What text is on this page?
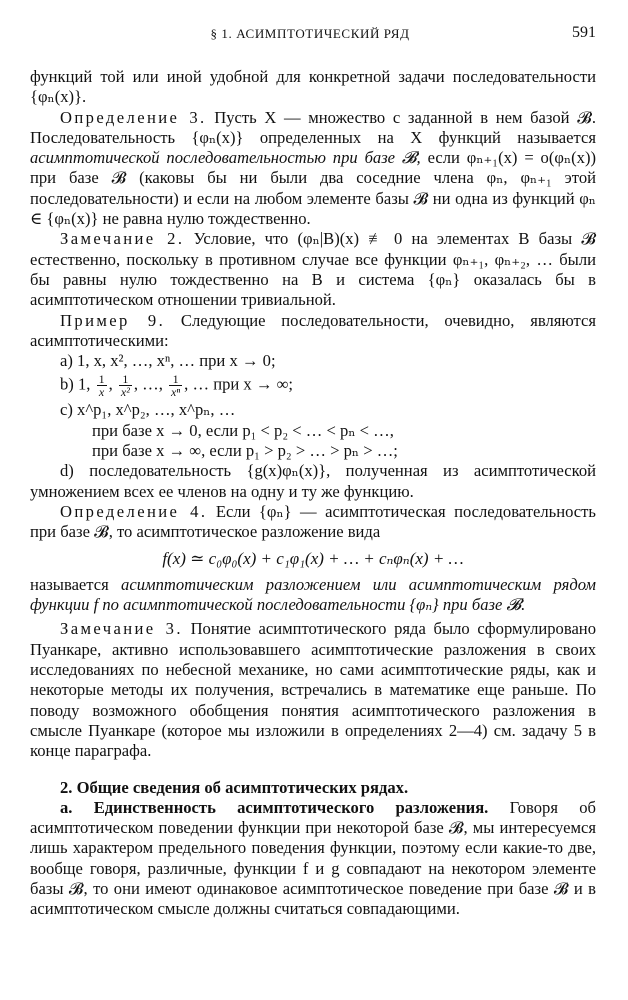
§ 1. АСИМПТОТИЧЕСКИЙ РЯД	591

функций той или иной удобной для конкретной задачи последовательности {φₙ(x)}.

Определение 3. Пусть X — множество с заданной в нем базой 𝓑. Последовательность {φₙ(x)} определенных на X функций называется асимптотической последовательностью при базе 𝓑, если φₙ₊₁(x) = o(φₙ(x)) при базе 𝓑 (каковы бы ни были два соседние члена φₙ, φₙ₊₁ этой последовательности) и если на любом элементе базы 𝓑 ни одна из функций φₙ ∈ {φₙ(x)} не равна нулю тождественно.

Замечание 2. Условие, что (φₙ|B)(x) ≢ 0 на элементах B базы 𝓑 естественно, поскольку в противном случае все функции φₙ₊₁, φₙ₊₂, … были бы равны нулю тождественно на B и система {φₙ} оказалась бы в асимптотическом отношении тривиальной.

Пример 9. Следующие последовательности, очевидно, являются асимптотическими:

a) 1, x, x², …, xⁿ, … при x → 0;

b) 1, $\frac{1}{x}$ , $\frac{1}{\text{x²}}$ , …, $\frac{1}{\text{xⁿ}}$ , … при x → ∞;

c) x^p₁, x^p₂, …, x^pₙ, …

при базе x → 0, если p₁ < p₂ < … < pₙ < …,

при базе x → ∞, если p₁ > p₂ > … > pₙ > …;

d) последовательность {g(x)φₙ(x)}, полученная из асимптотической умножением всех ее членов на одну и ту же функцию.

Определение 4. Если {φₙ} — асимптотическая последовательность при базе 𝓑, то асимптотическое разложение вида

f(x) ≃ c₀φ₀(x) + c₁φ₁(x) + … + cₙφₙ(x) + …

называется асимптотическим разложением или асимптотическим рядом функции f по асимптотической последовательности {φₙ} при базе 𝓑.

Замечание 3. Понятие асимптотического ряда было сформулировано Пуанкаре, активно использовавшего асимптотические разложения в своих исследованиях по небесной механике, но сами асимптотические ряды, как и некоторые методы их получения, встречались в математике еще раньше. По поводу возможного обобщения понятия асимптотического разложения в смысле Пуанкаре (которое мы изложили в определениях 2—4) см. задачу 5 в конце параграфа.

2. Общие сведения об асимптотических рядах.

a. Единственность асимптотического разложения. Говоря об асимптотическом поведении функции при некоторой базе 𝓑, мы интересуемся лишь характером предельного поведения функции, поэтому если какие-то две, вообще говоря, различные, функции f и g совпадают на некотором элементе базы 𝓑, то они имеют одинаковое асимптотическое поведение при базе 𝓑 и в асимптотическом смысле должны считаться совпадающими.
